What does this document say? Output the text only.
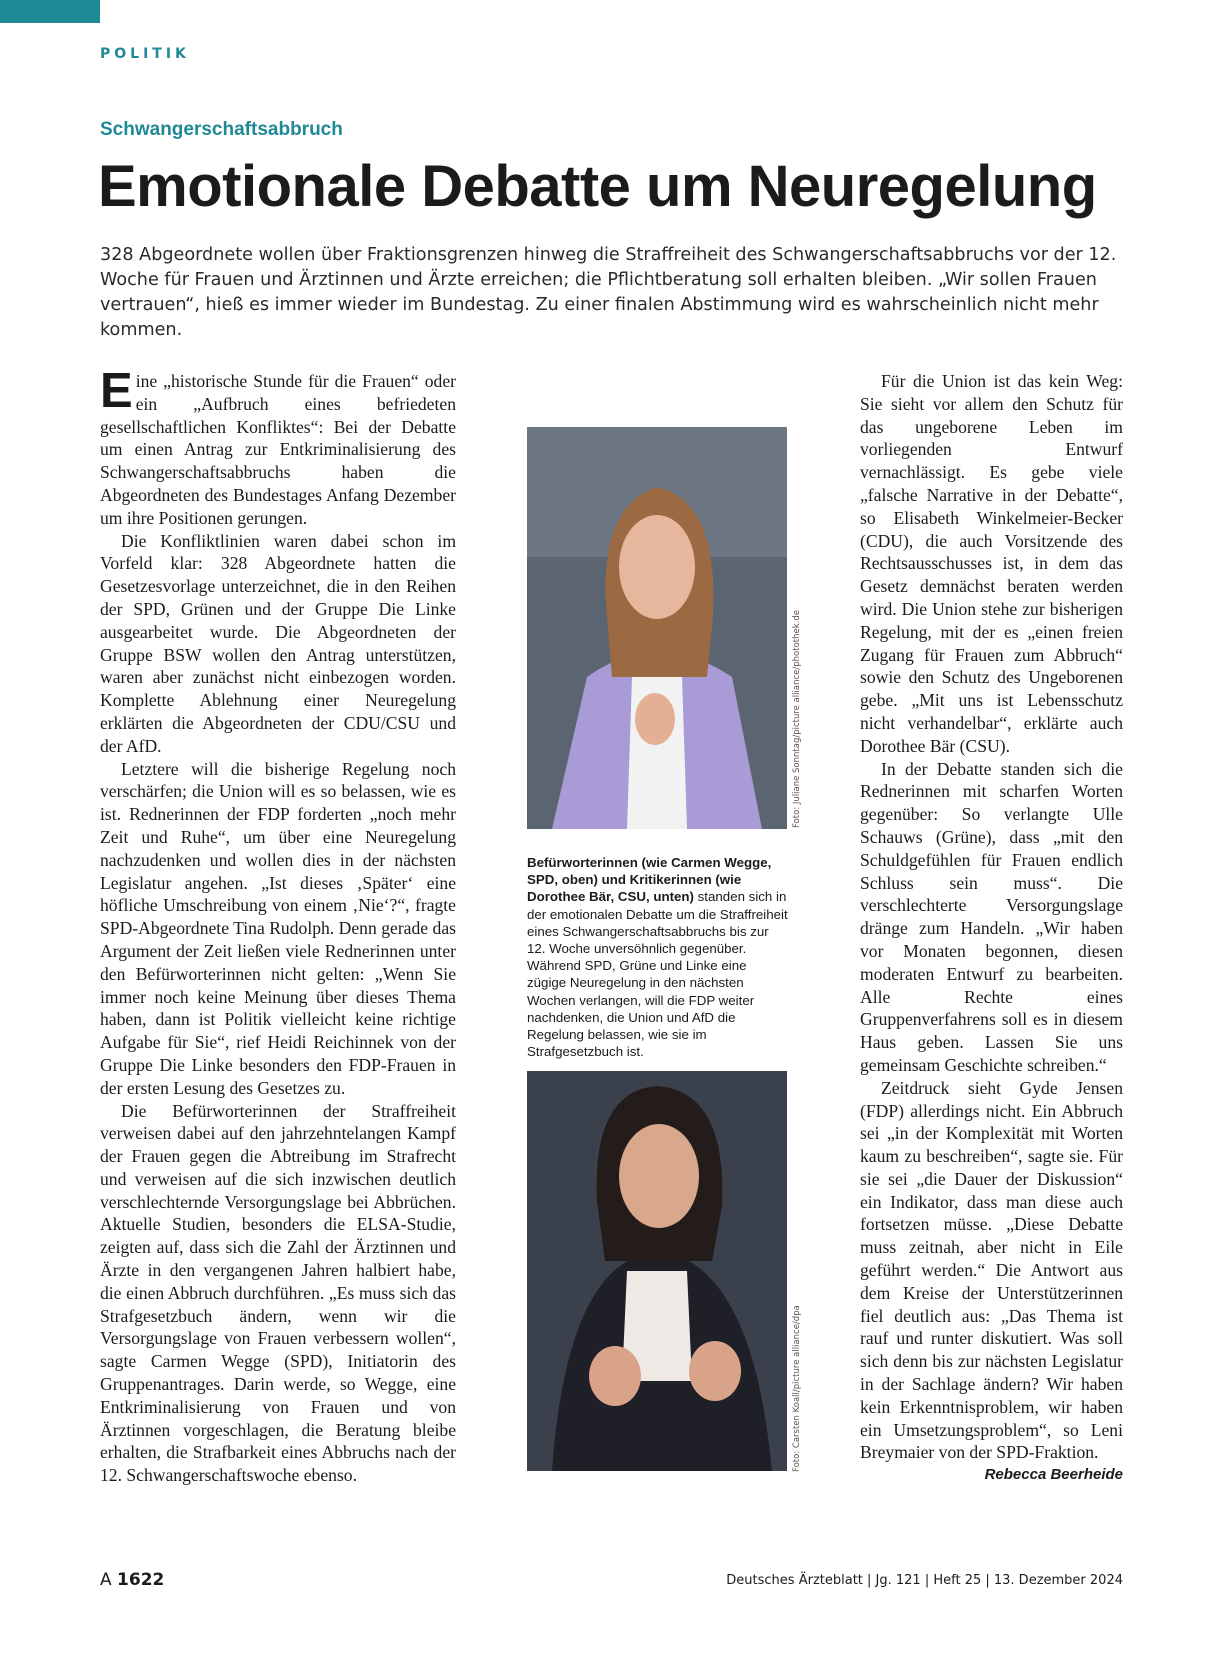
POLITIK
Schwangerschaftsabbruch
Emotionale Debatte um Neuregelung

328 Abgeordnete wollen über Fraktionsgrenzen hinweg die Straffreiheit des Schwangerschaftsabbruchs vor der 12. Woche für Frauen und Ärztinnen und Ärzte erreichen; die Pflichtberatung soll erhalten bleiben. „Wir sollen Frauen vertrauen“, hieß es immer wieder im Bundestag. Zu einer finalen Abstimmung wird es wahrscheinlich nicht mehr kommen.

Eine „historische Stunde für die Frauen“ oder ein „Aufbruch eines befriedeten gesellschaftlichen Konfliktes“: Bei der Debatte um einen Antrag zur Entkriminalisierung des Schwangerschaftsabbruchs haben die Abgeordneten des Bundestages Anfang Dezember um ihre Positionen gerungen.

Die Konfliktlinien waren dabei schon im Vorfeld klar: 328 Abgeordnete hatten die Gesetzesvorlage unterzeichnet, die in den Reihen der SPD, Grünen und der Gruppe Die Linke ausgearbeitet wurde. Die Abgeordneten der Gruppe BSW wollen den Antrag unterstützen, waren aber zunächst nicht einbezogen worden. Komplette Ablehnung einer Neuregelung erklärten die Abgeordneten der CDU/CSU und der AfD.

Letztere will die bisherige Regelung noch verschärfen; die Union will es so belassen, wie es ist. Rednerinnen der FDP forderten „noch mehr Zeit und Ruhe“, um über eine Neuregelung nachzudenken und wollen dies in der nächsten Legislatur angehen. „Ist dieses ‚Später‘ eine höfliche Umschreibung von einem ‚Nie‘?“, fragte SPD-Abgeordnete Tina Rudolph. Denn gerade das Argument der Zeit ließen viele Rednerinnen unter den Befürworterinnen nicht gelten: „Wenn Sie immer noch keine Meinung über dieses Thema haben, dann ist Politik vielleicht keine richtige Aufgabe für Sie“, rief Heidi Reichinnek von der Gruppe Die Linke besonders den FDP-Frauen in der ersten Lesung des Gesetzes zu.

Die Befürworterinnen der Straffreiheit verweisen dabei auf den jahrzehntelangen Kampf der Frauen gegen die Abtreibung im Strafrecht und verweisen auf die sich inzwischen deutlich verschlechternde Versorgungslage bei Abbrüchen. Aktuelle Studien, besonders die ELSA-Studie, zeigten auf, dass sich die Zahl der Ärztinnen und Ärzte in den vergangenen Jahren halbiert habe, die einen Abbruch durchführen. „Es muss sich das Strafgesetzbuch ändern, wenn wir die Versorgungslage von Frauen verbessern wollen“, sagte Carmen Wegge (SPD), Initiatorin des Gruppenantrages. Darin werde, so Wegge, eine Entkriminalisierung von Frauen und von Ärztinnen vorgeschlagen, die Beratung bleibe erhalten, die Strafbarkeit eines Abbruchs nach der 12. Schwangerschaftswoche ebenso.

Foto: Juliane Sonntag/picture alliance/photothek.de

Befürworterinnen (wie Carmen Wegge, SPD, oben) und Kritikerinnen (wie Dorothee Bär, CSU, unten) standen sich in der emotionalen Debatte um die Straffreiheit eines Schwangerschaftsabbruchs bis zur 12. Woche unversöhnlich gegenüber. Während SPD, Grüne und Linke eine zügige Neuregelung in den nächsten Wochen verlangen, will die FDP weiter nachdenken, die Union und AfD die Regelung belassen, wie sie im Strafgesetzbuch ist.

Foto: Carsten Koall/picture alliance/dpa

Für die Union ist das kein Weg: Sie sieht vor allem den Schutz für das ungeborene Leben im vorliegenden Entwurf vernachlässigt. Es gebe viele „falsche Narrative in der Debatte“, so Elisabeth Winkelmeier-Becker (CDU), die auch Vorsitzende des Rechtsausschusses ist, in dem das Gesetz demnächst beraten werden wird. Die Union stehe zur bisherigen Regelung, mit der es „einen freien Zugang für Frauen zum Abbruch“ sowie den Schutz des Ungeborenen gebe. „Mit uns ist Lebensschutz nicht verhandelbar“, erklärte auch Dorothee Bär (CSU).

In der Debatte standen sich die Rednerinnen mit scharfen Worten gegenüber: So verlangte Ulle Schauws (Grüne), dass „mit den Schuldgefühlen für Frauen endlich Schluss sein muss“. Die verschlechterte Versorgungslage dränge zum Handeln. „Wir haben vor Monaten begonnen, diesen moderaten Entwurf zu bearbeiten. Alle Rechte eines Gruppenverfahrens soll es in diesem Haus geben. Lassen Sie uns gemeinsam Geschichte schreiben.“

Zeitdruck sieht Gyde Jensen (FDP) allerdings nicht. Ein Abbruch sei „in der Komplexität mit Worten kaum zu beschreiben“, sagte sie. Für sie sei „die Dauer der Diskussion“ ein Indikator, dass man diese auch fortsetzen müsse. „Diese Debatte muss zeitnah, aber nicht in Eile geführt werden.“ Die Antwort aus dem Kreise der Unterstützerinnen fiel deutlich aus: „Das Thema ist rauf und runter diskutiert. Was soll sich denn bis zur nächsten Legislatur in der Sachlage ändern? Wir haben kein Erkenntnisproblem, wir haben ein Umsetzungsproblem“, so Leni Breymaier von der SPD-Fraktion.
Rebecca Beerheide

A 1622	Deutsches Ärzteblatt | Jg. 121 | Heft 25 | 13. Dezember 2024
